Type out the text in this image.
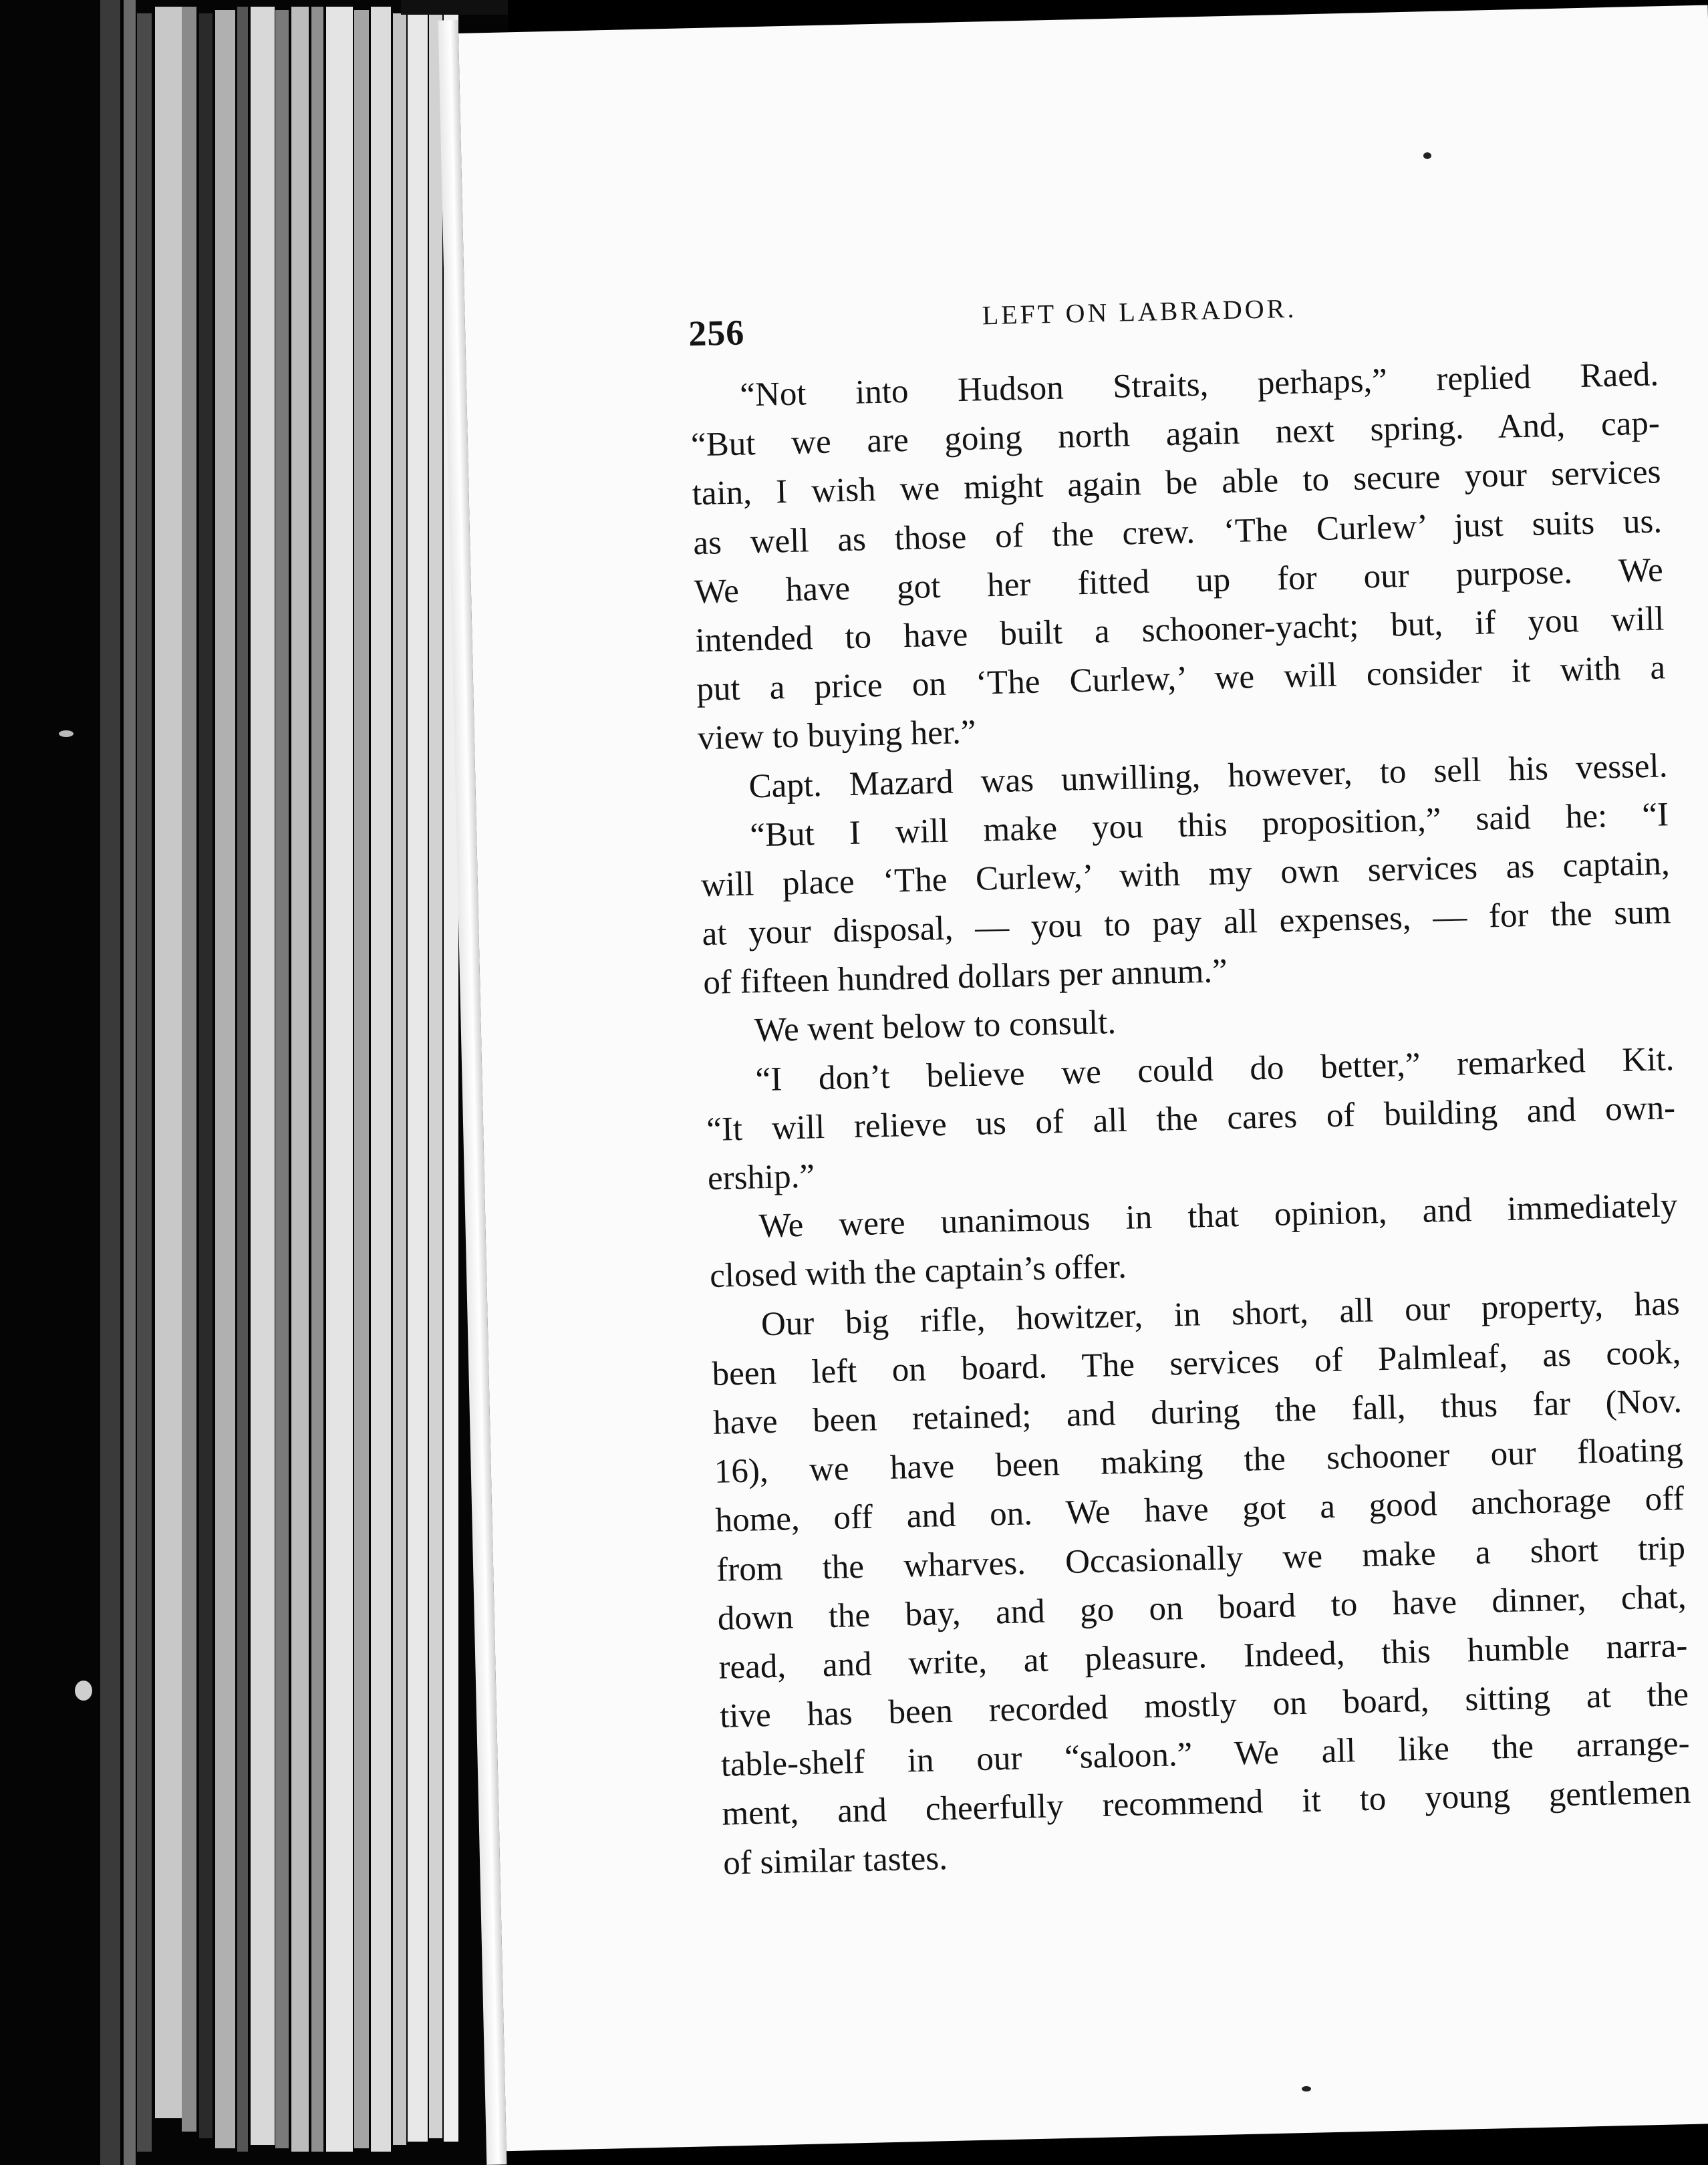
256
LEFT ON LABRADOR.
“Not into Hudson Straits, perhaps,” replied Raed.
“But we are going north again next spring. And, cap-
tain, I wish we might again be able to secure your services
as well as those of the crew. ‘The Curlew’ just suits us.
We have got her fitted up for our purpose. We
intended to have built a schooner-yacht; but, if you will
put a price on ‘The Curlew,’ we will consider it with a
view to buying her.”
Capt. Mazard was unwilling, however, to sell his vessel.
“But I will make you this proposition,” said he: “I
will place ‘The Curlew,’ with my own services as captain,
at your disposal, — you to pay all expenses, — for the sum
of fifteen hundred dollars per annum.”
We went below to consult.
“I don’t believe we could do better,” remarked Kit.
“It will relieve us of all the cares of building and own-
ership.”
We were unanimous in that opinion, and immediately
closed with the captain’s offer.
Our big rifle, howitzer, in short, all our property, has
been left on board. The services of Palmleaf, as cook,
have been retained; and during the fall, thus far (Nov.
16), we have been making the schooner our floating
home, off and on. We have got a good anchorage off
from the wharves. Occasionally we make a short trip
down the bay, and go on board to have dinner, chat,
read, and write, at pleasure. Indeed, this humble narra-
tive has been recorded mostly on board, sitting at the
table-shelf in our “saloon.” We all like the arrange-
ment, and cheerfully recommend it to young gentlemen
of similar tastes.
